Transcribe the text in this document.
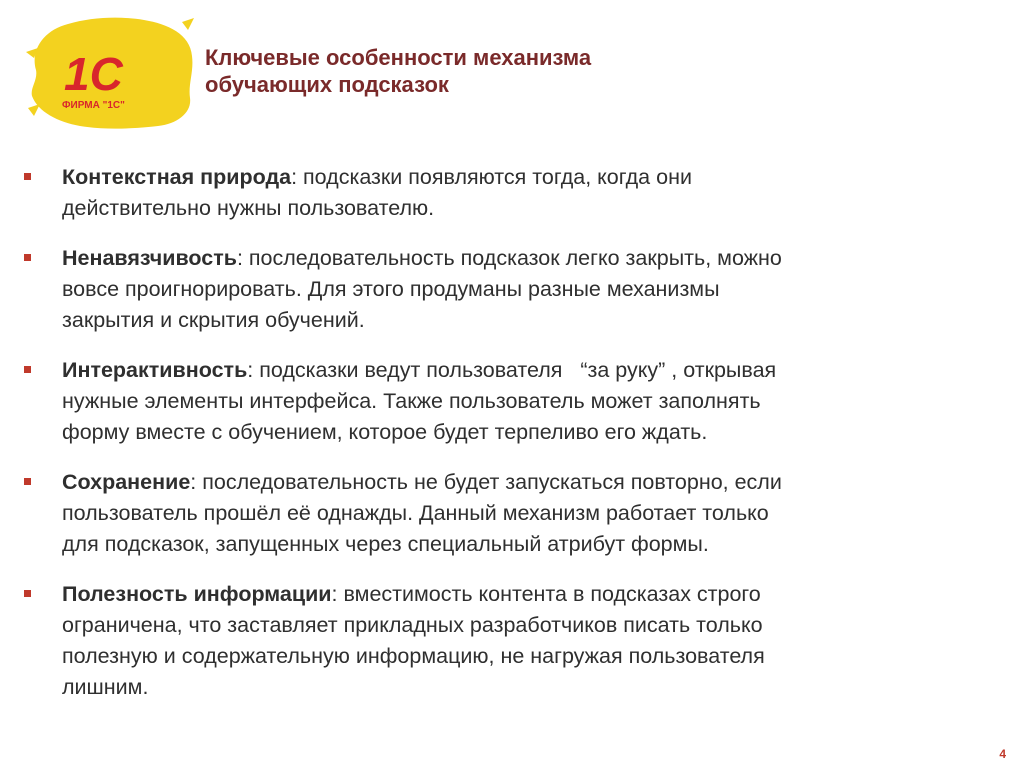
1С
ФИРМА "1С"
Ключевые особенности механизма
обучающих подсказок
Контекстная природа: подсказки появляются тогда, когда они
действительно нужны пользователю.
Ненавязчивость: последовательность подсказок легко закрыть, можно
вовсе проигнорировать. Для этого продуманы разные механизмы
закрытия и скрытия обучений.
Интерактивность: подсказки ведут пользователя   “за руку” , открывая
нужные элементы интерфейса. Также пользователь может заполнять
форму вместе с обучением, которое будет терпеливо его ждать.
Сохранение: последовательность не будет запускаться повторно, если
пользователь прошёл её однажды. Данный механизм работает только
для подсказок, запущенных через специальный атрибут формы.
Полезность информации: вместимость контента в подсказах строго
ограничена, что заставляет прикладных разработчиков писать только
полезную и содержательную информацию, не нагружая пользователя
лишним.
4
